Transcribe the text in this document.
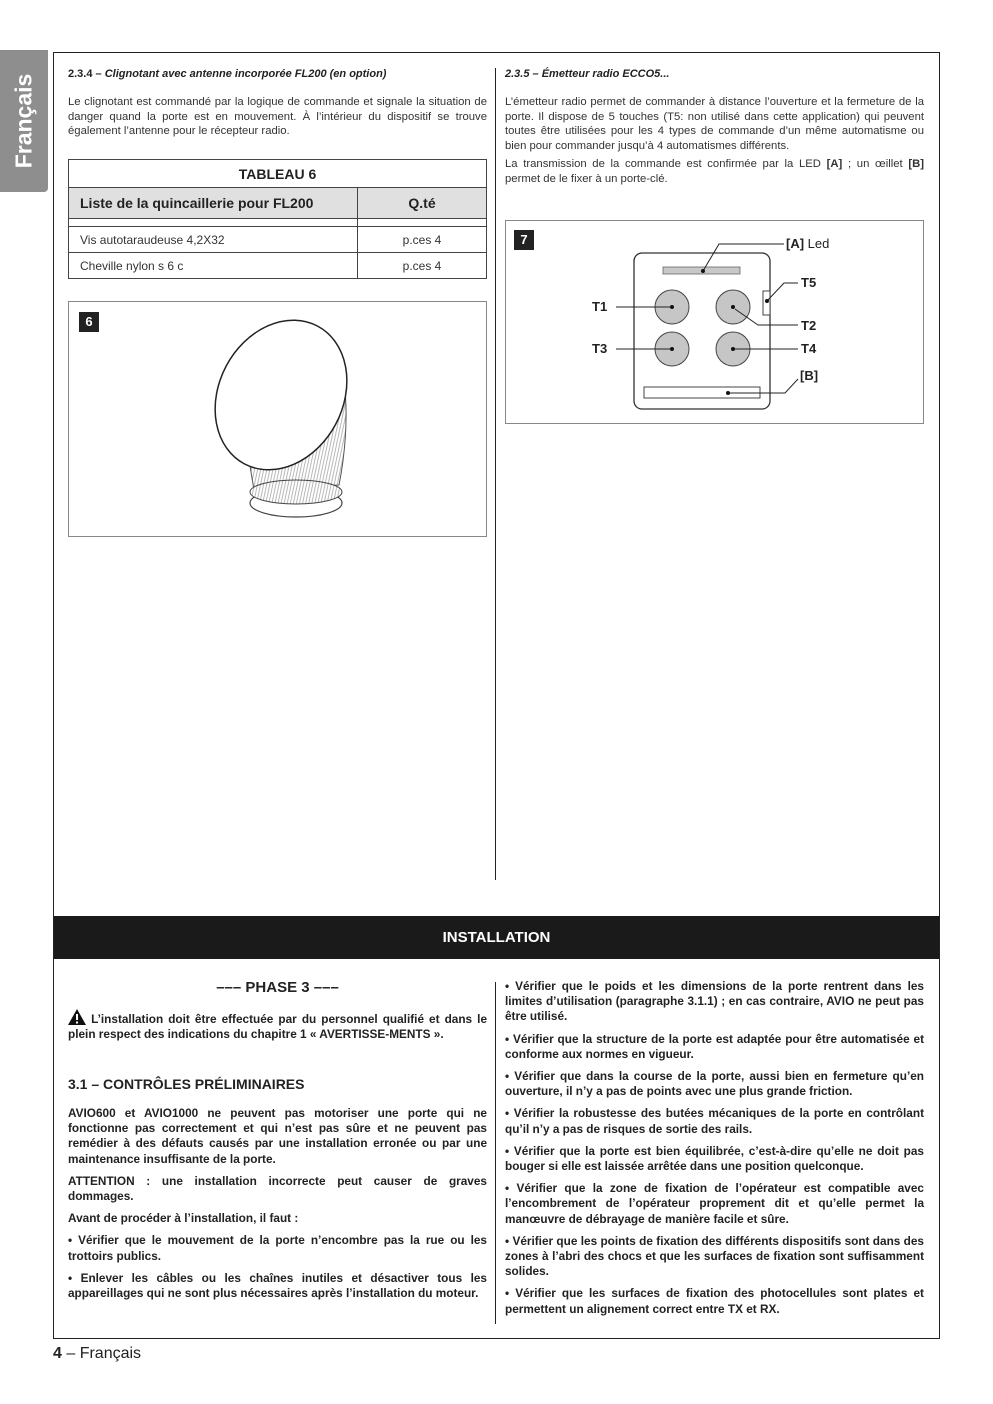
Français	2.3.4 – Clignotant avec antenne incorporée FL200 (en option)
Le clignotant est commandé par la logique de commande et signale la situation de danger quand la porte est en mouvement. À l’intérieur du dispositif se trouve également l’antenne pour le récepteur radio.
TABLEAU 6	
Liste de la quincaillerie pour FL200	Q.té

Vis autotaraudeuse 4,2X32	p.ces 4
Cheville nylon s 6 c	p.ces 4
6
2.3.5 – Émetteur radio ECCO5...

L’émetteur radio permet de commander à distance l’ouverture et la fermeture de la porte. Il dispose de 5 touches (T5: non utilisé dans cette application) qui peuvent toutes être utilisées pour les 4 types de commande d’un même automatisme ou bien pour commander jusqu’à 4 automatismes différents.

La transmission de la commande est confirmée par la LED [A] ; un œillet [B] permet de le fixer à un porte-clé.

7	[A] Led
T1
T3
T5
T2
T4
[B]
INSTALLATION
––– PHASE 3 –––
L’installation doit être effectuée par du personnel qualifié et dans le plein respect des indications du chapitre 1 « AVERTISSE-MENTS ».
3.1 – CONTRÔLES PRÉLIMINAIRES

AVIO600 et AVIO1000 ne peuvent pas motoriser une porte qui ne fonctionne pas correctement et qui n’est pas sûre et ne peuvent pas remédier à des défauts causés par une installation erronée ou par une maintenance insuffisante de la porte.

ATTENTION : une installation incorrecte peut causer de graves dommages.

Avant de procéder à l’installation, il faut :

• Vérifier que le mouvement de la porte n’encombre pas la rue ou les trottoirs publics.

• Enlever les câbles ou les chaînes inutiles et désactiver tous les appareillages qui ne sont plus nécessaires après l’installation du moteur.

• Vérifier que le poids et les dimensions de la porte rentrent dans les limites d’utilisation (paragraphe 3.1.1) ; en cas contraire, AVIO ne peut pas être utilisé.

• Vérifier que la structure de la porte est adaptée pour être automatisée et conforme aux normes en vigueur.

• Vérifier que dans la course de la porte, aussi bien en fermeture qu’en ouverture, il n’y a pas de points avec une plus grande friction.

• Vérifier la robustesse des butées mécaniques de la porte en contrôlant qu’il n’y a pas de risques de sortie des rails.

• Vérifier que la porte est bien équilibrée, c’est-à-dire qu’elle ne doit pas bouger si elle est laissée arrêtée dans une position quelconque.

• Vérifier que la zone de fixation de l’opérateur est compatible avec l’encombrement de l’opérateur proprement dit et qu’elle permet la manœuvre de débrayage de manière facile et sûre.

• Vérifier que les points de fixation des différents dispositifs sont dans des zones à l’abri des chocs et que les surfaces de fixation sont suffisamment solides.

• Vérifier que les surfaces de fixation des photocellules sont plates et permettent un alignement correct entre TX et RX.

4 – Français
